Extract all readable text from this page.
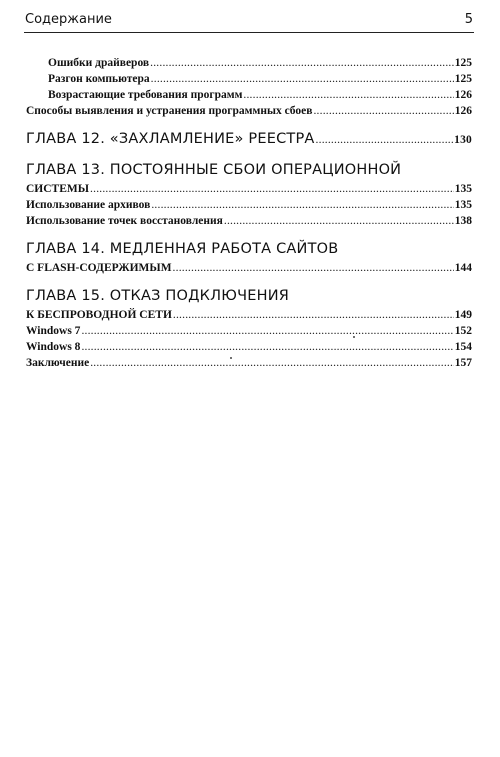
Содержание	5
Ошибки драйверов .....	125
Разгон компьютера .....	125
Возрастающие требования программ .....	126
Способы выявления и устранения программных сбоев .....	126
ГЛАВА 12. «ЗАХЛАМЛЕНИЕ» РЕЕСТРА .....	130
ГЛАВА 13. ПОСТОЯННЫЕ СБОИ ОПЕРАЦИОННОЙ
СИСТЕМЫ .....	135
Использование архивов .....	135
Использование точек восстановления .....	138
ГЛАВА 14. МЕДЛЕННАЯ РАБОТА САЙТОВ
С FLASH-СОДЕРЖИМЫМ .....	144
ГЛАВА 15. ОТКАЗ ПОДКЛЮЧЕНИЯ
К БЕСПРОВОДНОЙ СЕТИ .....	149
Windows 7 .....	152
Windows 8 .....	154
Заключение .....	157
